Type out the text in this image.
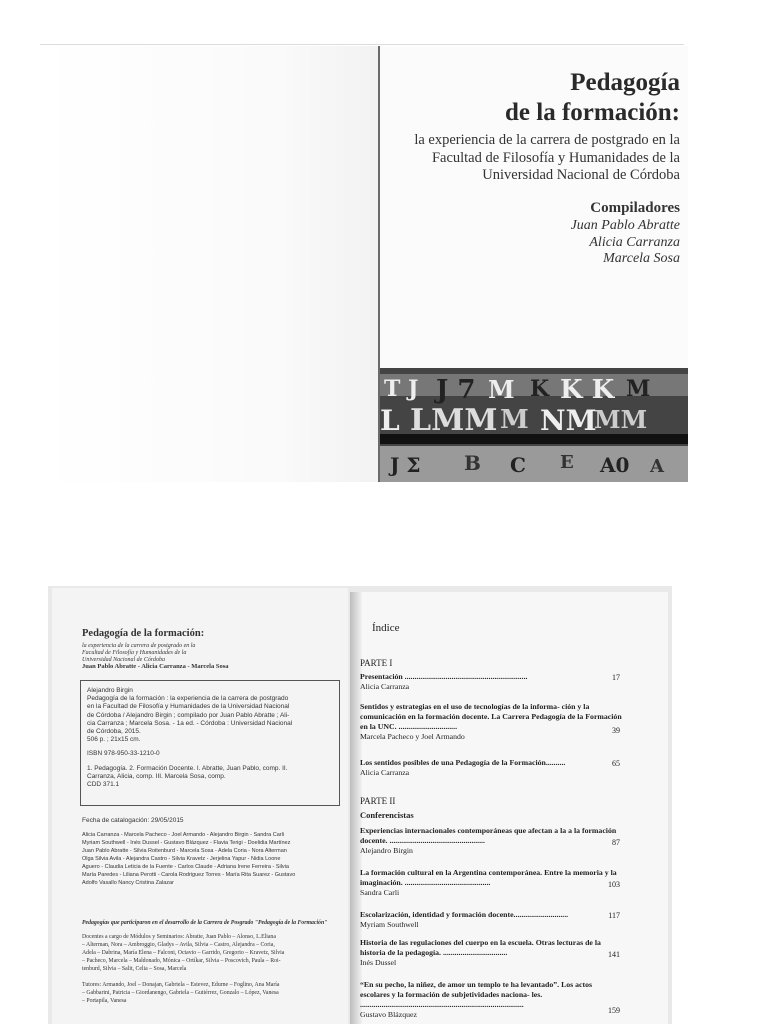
Pedagogía
de la formación:
la experiencia de la carrera de postgrado en la
Facultad de Filosofía y Humanidades de la
Universidad Nacional de Córdoba
Compiladores
Juan Pablo Abratte
Alicia Carranza
Marcela Sosa
T J J 7 M K K K M
L LMM M NM
MM
J Σ B C E A0 A
Pedagogía de la formación:
la experiencia de la carrera de postgrado en la
Facultad de Filosofía y Humanidades de la
Universidad Nacional de Córdoba
Juan Pablo Abratte - Alicia Carranza - Marcela Sosa
Alejandro Birgin
Pedagogía de la formación : la experiencia de la carrera de postgrado
en la Facultad de Filosofía y Humanidades de la Universidad Nacional
de Córdoba / Alejandro Birgin ; compilado por Juan Pablo Abratte ; Ali-
cia Carranza ; Marcela Sosa. - 1a ed. - Córdoba : Universidad Nacional
de Córdoba, 2015.
506 p. ; 21x15 cm.
ISBN 978-950-33-1210-0
1. Pedagogía. 2. Formación Docente. I. Abratte, Juan Pablo, comp. II.
Carranza, Alicia, comp. III. Marcela Sosa, comp.
CDD 371.1
Fecha de catalogación: 29/05/2015
Alicia Carranza - Marcela Pacheco - Joel Armando - Alejandro Birgin - Sandra Carli
Myriam Southwell - Inés Dussel - Gustavo Blázquez - Flavia Terigi - Doelidia Martínez
Juan Pablo Abratte - Silvia Roitenburd - Marcela Sosa - Adela Coria - Nora Alterman
Olga Silvia Avila - Alejandra Castro - Silvia Kravetz - Jerjelina Yapur - Nidia Loone
Aguero - Claudia Leticia de la Fuente - Carlos Claude - Adriana Irene Ferreira - Silvia
María Paredes - Liliana Perotti - Carola Rodriguez Torres - María Rita Suarez - Gustavo
Adolfo Vasallo Nancy Cristina Zalazar
Pedagogías que participaron en el desarrollo de la Carrera de Posgrado "Pedagogía de la Formación"
Docentes a cargo de Módulos y Seminarios: Abratte, Juan Pablo – Alonso, L.Eliana
– Alterman, Nora – Ambroggio, Gladys – Avila, Silvia – Castro, Alejandra – Coria,
Adela – Dabrina, María Elena – Falconi, Octavio – Garrido, Gregorio – Kravetz, Silvia
– Pacheco, Marcela – Maldonado, Mónica – Ortíkar, Silvia – Poscovich, Paula – Roi-
tenburd, Silvia – Salit, Celia – Sosa, Marcela
Tutores: Armando, Joel – Donajan, Gabriela – Estevez, Edurne – Foglino, Ana María
– Gabbarini, Patricia – Giordanengo, Gabriela – Gutiérrez, Gonzalo – López, Vanesa
– Portapila, Vanesa
Índice
PARTE I
Presentación ...............................................................
Alicia Carranza
17
Sentidos y estrategias en el uso de tecnologías de la informa- ción y la comunicación en la formación docente. La Carrera Pedagogía de la Formación en la UNC. ..............................
Marcela Pacheco y Joel Armando
39
Los sentidos posibles de una Pedagogía de la Formación..........
Alicia Carranza
65
PARTE II
Conferencistas
Experiencias internacionales contemporáneas que afectan a la a la formación docente. .................................................
Alejandro Birgin
87
La formación cultural en la Argentina contemporánea. Entre la memoria y la imaginación. ............................................
Sandra Carli
103
Escolarización, identidad y formación docente............................
Myriam Southwell
117
Historia de las regulaciones del cuerpo en la escuela. Otras lecturas de la historia de la pedagogía. .................................
Inés Dussel
141
“En su pecho, la niñez, de amor un templo te ha levantado”. Los actos escolares y la formación de subjetividades naciona- les. ....................................................................................
Gustavo Blázquez	159
